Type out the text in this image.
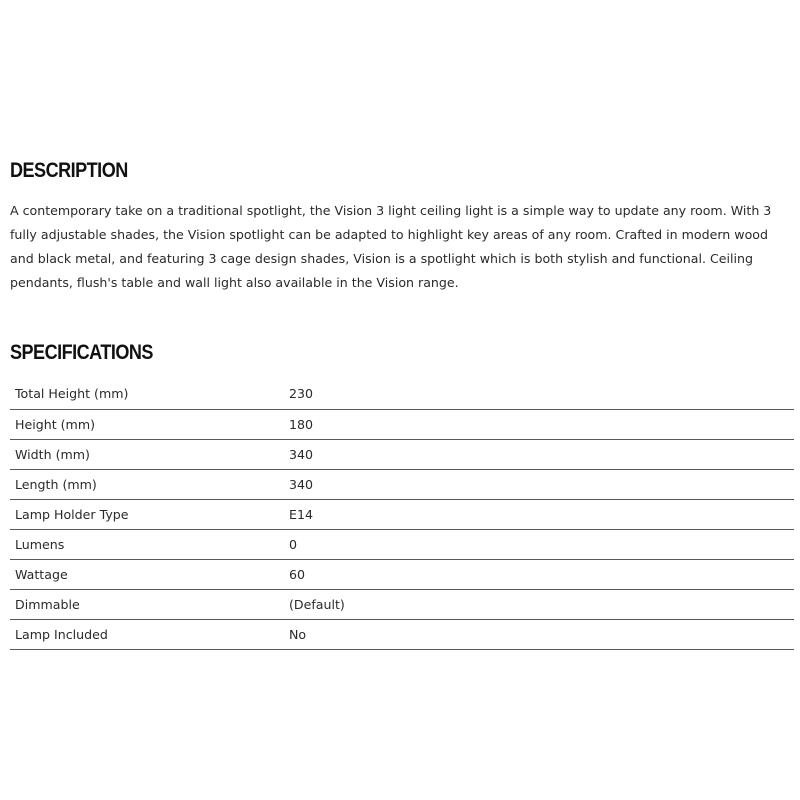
DESCRIPTION

A contemporary take on a traditional spotlight, the Vision 3 light ceiling light is a simple way to update any room. With 3 fully adjustable shades, the Vision spotlight can be adapted to highlight key areas of any room. Crafted in modern wood and black metal, and featuring 3 cage design shades, Vision is a spotlight which is both stylish and functional. Ceiling pendants, flush's table and wall light also available in the Vision range.

SPECIFICATIONS
Total Height (mm)	230
Height (mm)	180
Width (mm)	340
Length (mm)	340
Lamp Holder Type	E14
Lumens	0
Wattage	60
Dimmable	(Default)
Lamp Included	No
